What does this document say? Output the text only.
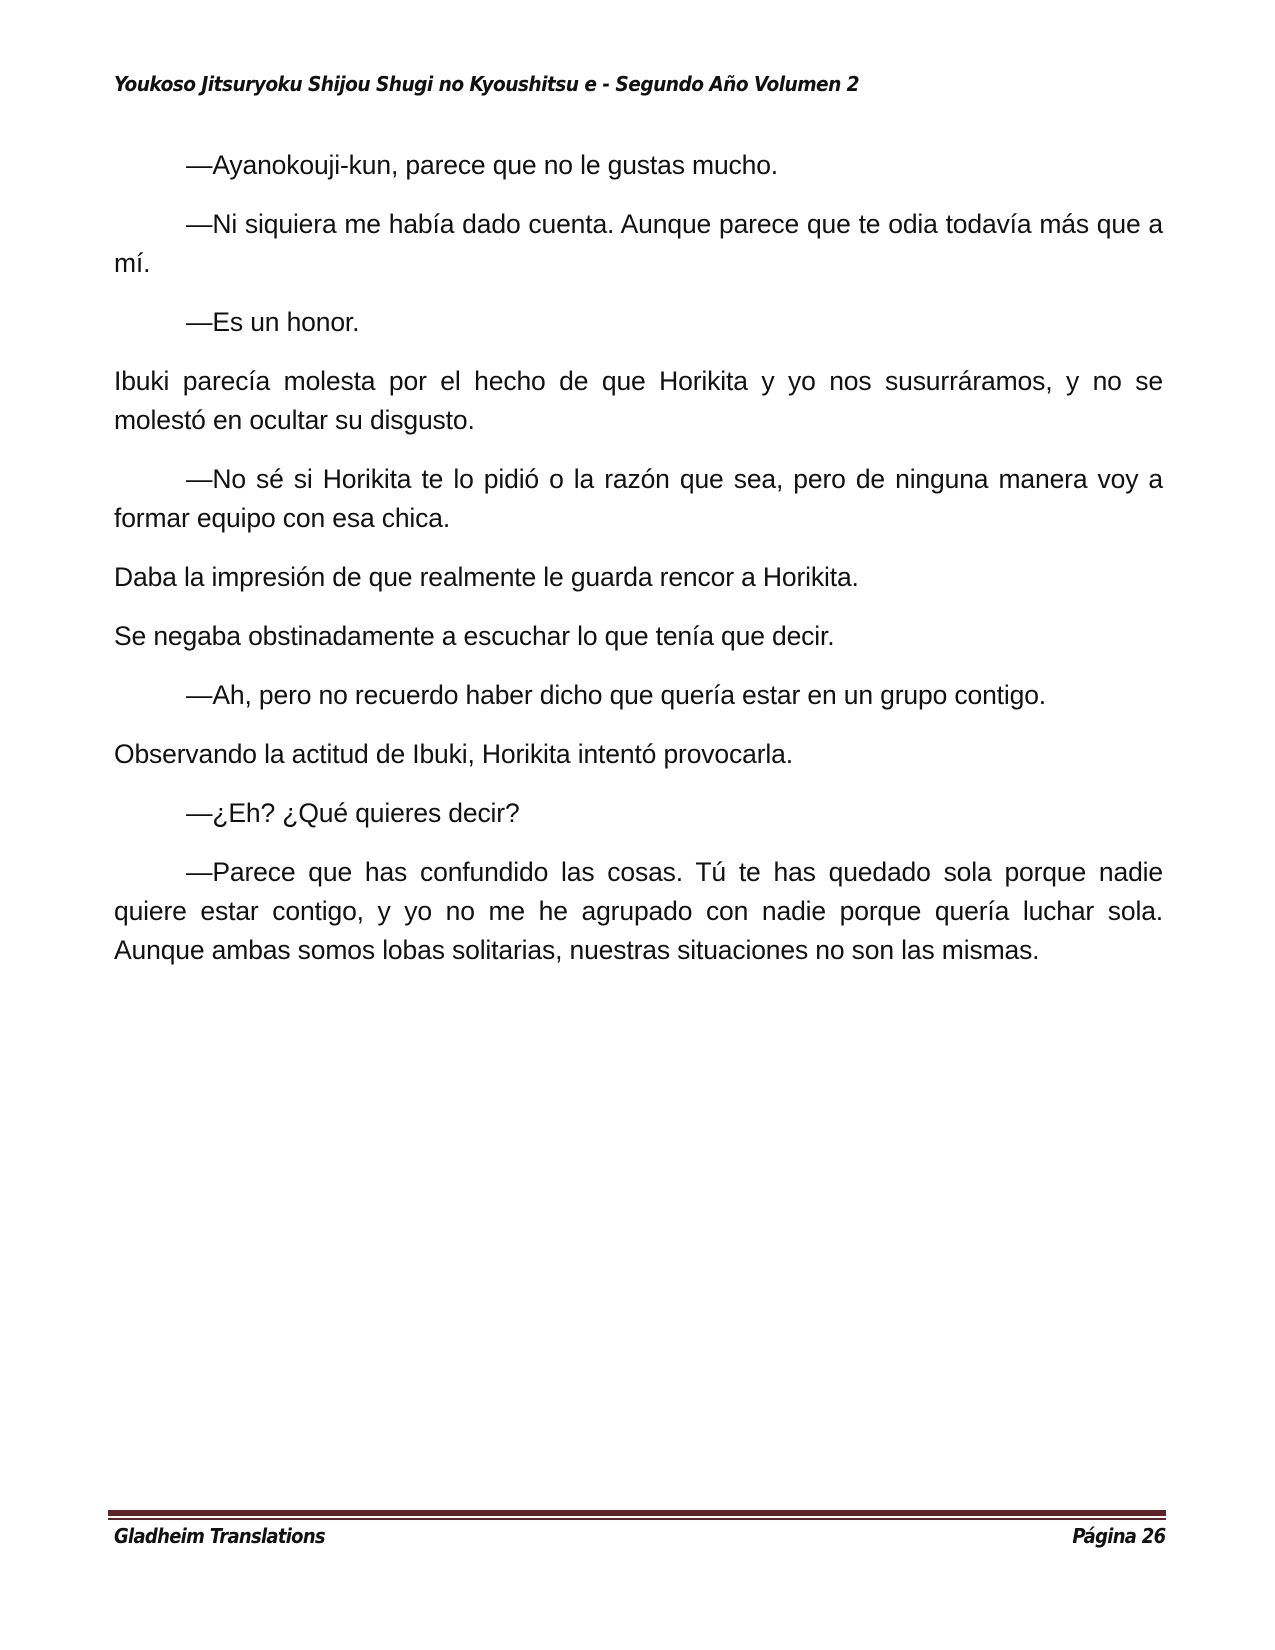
Youkoso Jitsuryoku Shijou Shugi no Kyoushitsu e - Segundo Año Volumen 2

—Ayanokouji-kun, parece que no le gustas mucho.

—Ni siquiera me había dado cuenta. Aunque parece que te odia todavía más que a mí.

—Es un honor.

Ibuki parecía molesta por el hecho de que Horikita y yo nos susurráramos, y no se molestó en ocultar su disgusto.

—No sé si Horikita te lo pidió o la razón que sea, pero de ninguna manera voy a formar equipo con esa chica.

Daba la impresión de que realmente le guarda rencor a Horikita.

Se negaba obstinadamente a escuchar lo que tenía que decir.

—Ah, pero no recuerdo haber dicho que quería estar en un grupo contigo.

Observando la actitud de Ibuki, Horikita intentó provocarla.

—¿Eh? ¿Qué quieres decir?

—Parece que has confundido las cosas. Tú te has quedado sola porque nadie quiere estar contigo, y yo no me he agrupado con nadie porque quería luchar sola. Aunque ambas somos lobas solitarias, nuestras situaciones no son las mismas.

Gladheim Translations	Página 26
